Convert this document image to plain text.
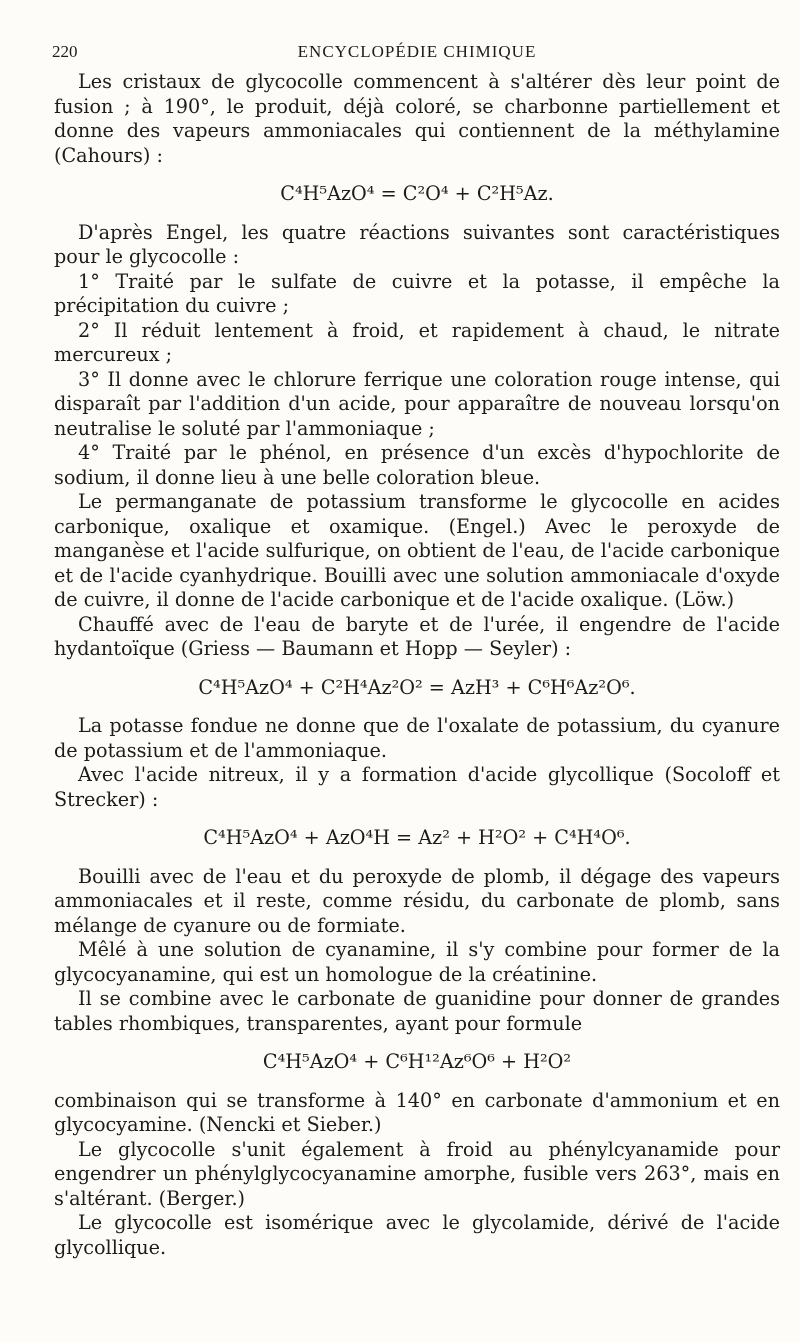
220	ENCYCLOPÉDIE CHIMIQUE

Les cristaux de glycocolle commencent à s'altérer dès leur point de fusion ; à 190°, le produit, déjà coloré, se charbonne partiellement et donne des vapeurs ammoniacales qui contiennent de la méthylamine (Cahours) :

C⁴H⁵AzO⁴ = C²O⁴ + C²H⁵Az.

D'après Engel, les quatre réactions suivantes sont caractéristiques pour le glycocolle :

1° Traité par le sulfate de cuivre et la potasse, il empêche la précipitation du cuivre ;

2° Il réduit lentement à froid, et rapidement à chaud, le nitrate mercureux ;

3° Il donne avec le chlorure ferrique une coloration rouge intense, qui disparaît par l'addition d'un acide, pour apparaître de nouveau lorsqu'on neutralise le soluté par l'ammoniaque ;

4° Traité par le phénol, en présence d'un excès d'hypochlorite de sodium, il donne lieu à une belle coloration bleue.

Le permanganate de potassium transforme le glycocolle en acides carbonique, oxalique et oxamique. (Engel.) Avec le peroxyde de manganèse et l'acide sulfurique, on obtient de l'eau, de l'acide carbonique et de l'acide cyanhydrique. Bouilli avec une solution ammoniacale d'oxyde de cuivre, il donne de l'acide carbonique et de l'acide oxalique. (Löw.)

Chauffé avec de l'eau de baryte et de l'urée, il engendre de l'acide hydantoïque (Griess — Baumann et Hopp — Seyler) :

C⁴H⁵AzO⁴ + C²H⁴Az²O² = AzH³ + C⁶H⁶Az²O⁶.

La potasse fondue ne donne que de l'oxalate de potassium, du cyanure de potassium et de l'ammoniaque.

Avec l'acide nitreux, il y a formation d'acide glycollique (Socoloff et Strecker) :

C⁴H⁵AzO⁴ + AzO⁴H = Az² + H²O² + C⁴H⁴O⁶.

Bouilli avec de l'eau et du peroxyde de plomb, il dégage des vapeurs ammoniacales et il reste, comme résidu, du carbonate de plomb, sans mélange de cyanure ou de formiate.

Mêlé à une solution de cyanamine, il s'y combine pour former de la glycocyanamine, qui est un homologue de la créatinine.

Il se combine avec le carbonate de guanidine pour donner de grandes tables rhombiques, transparentes, ayant pour formule

C⁴H⁵AzO⁴ + C⁶H¹²Az⁶O⁶ + H²O²

combinaison qui se transforme à 140° en carbonate d'ammonium et en glycocyamine. (Nencki et Sieber.)

Le glycocolle s'unit également à froid au phénylcyanamide pour engendrer un phénylglycocyanamine amorphe, fusible vers 263°, mais en s'altérant. (Berger.)

Le glycocolle est isomérique avec le glycolamide, dérivé de l'acide glycollique.
